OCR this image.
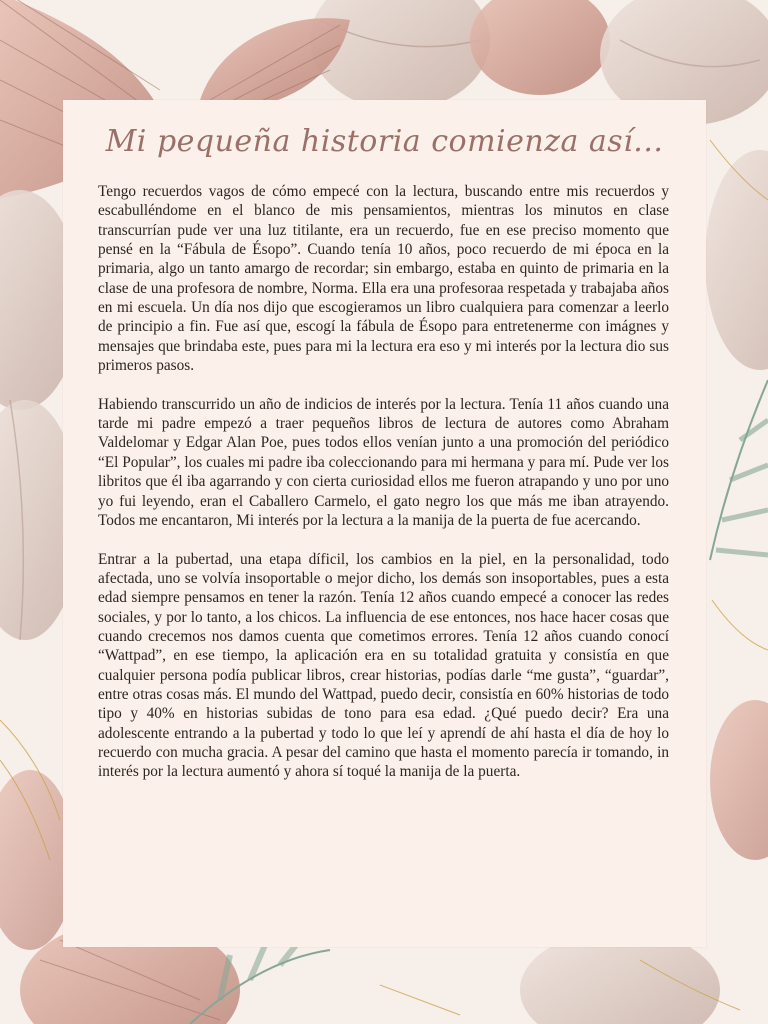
Mi pequeña historia comienza así...

Tengo recuerdos vagos de cómo empecé con la lectura, buscando entre mis recuerdos y escabulléndome en el blanco de mis pensamientos, mientras los minutos en clase transcurrían pude ver una luz titilante, era un recuerdo, fue en ese preciso momento que pensé en la “Fábula de Ésopo”. Cuando tenía 10 años, poco recuerdo de mi época en la primaria, algo un tanto amargo de recordar; sin embargo, estaba en quinto de primaria en la clase de una profesora de nombre, Norma. Ella era una profesoraa respetada y trabajaba años en mi escuela. Un día nos dijo que escogieramos un libro cualquiera para comenzar a leerlo de principio a fin. Fue así que, escogí la fábula de Ésopo para entretenerme con imágnes y mensajes que brindaba este, pues para mi la lectura era eso y mi interés por la lectura dio sus primeros pasos.

Habiendo transcurrido un año de indicios de interés por la lectura. Tenía 11 años cuando una tarde mi padre empezó a traer pequeños libros de lectura de autores como Abraham Valdelomar y Edgar Alan Poe, pues todos ellos venían junto a una promoción del periódico “El Popular”, los cuales mi padre iba coleccionando para mi hermana y para mí. Pude ver los libritos que él iba agarrando y con cierta curiosidad ellos me fueron atrapando y uno por uno yo fui leyendo, eran el Caballero Carmelo, el gato negro los que más me iban atrayendo. Todos me encantaron, Mi interés por la lectura a la manija de la puerta de fue acercando.

Entrar a la pubertad, una etapa díficil, los cambios en la piel, en la personalidad, todo afectada, uno se volvía insoportable o mejor dicho, los demás son insoportables, pues a esta edad siempre pensamos en tener la razón. Tenía 12 años cuando empecé a conocer las redes sociales, y por lo tanto, a los chicos. La influencia de ese entonces, nos hace hacer cosas que cuando crecemos nos damos cuenta que cometimos errores. Tenía 12 años cuando conocí “Wattpad”, en ese tiempo, la aplicación era en su totalidad gratuita y consistía en que cualquier persona podía publicar libros, crear historias, podías darle “me gusta”, “guardar”, entre otras cosas más. El mundo del Wattpad, puedo decir, consistía en 60% historias de todo tipo y 40% en historias subidas de tono para esa edad. ¿Qué puedo decir? Era una adolescente entrando a la pubertad y todo lo que leí y aprendí de ahí hasta el día de hoy lo recuerdo con mucha gracia. A pesar del camino que hasta el momento parecía ir tomando, in interés por la lectura aumentó y ahora sí toqué la manija de la puerta.
